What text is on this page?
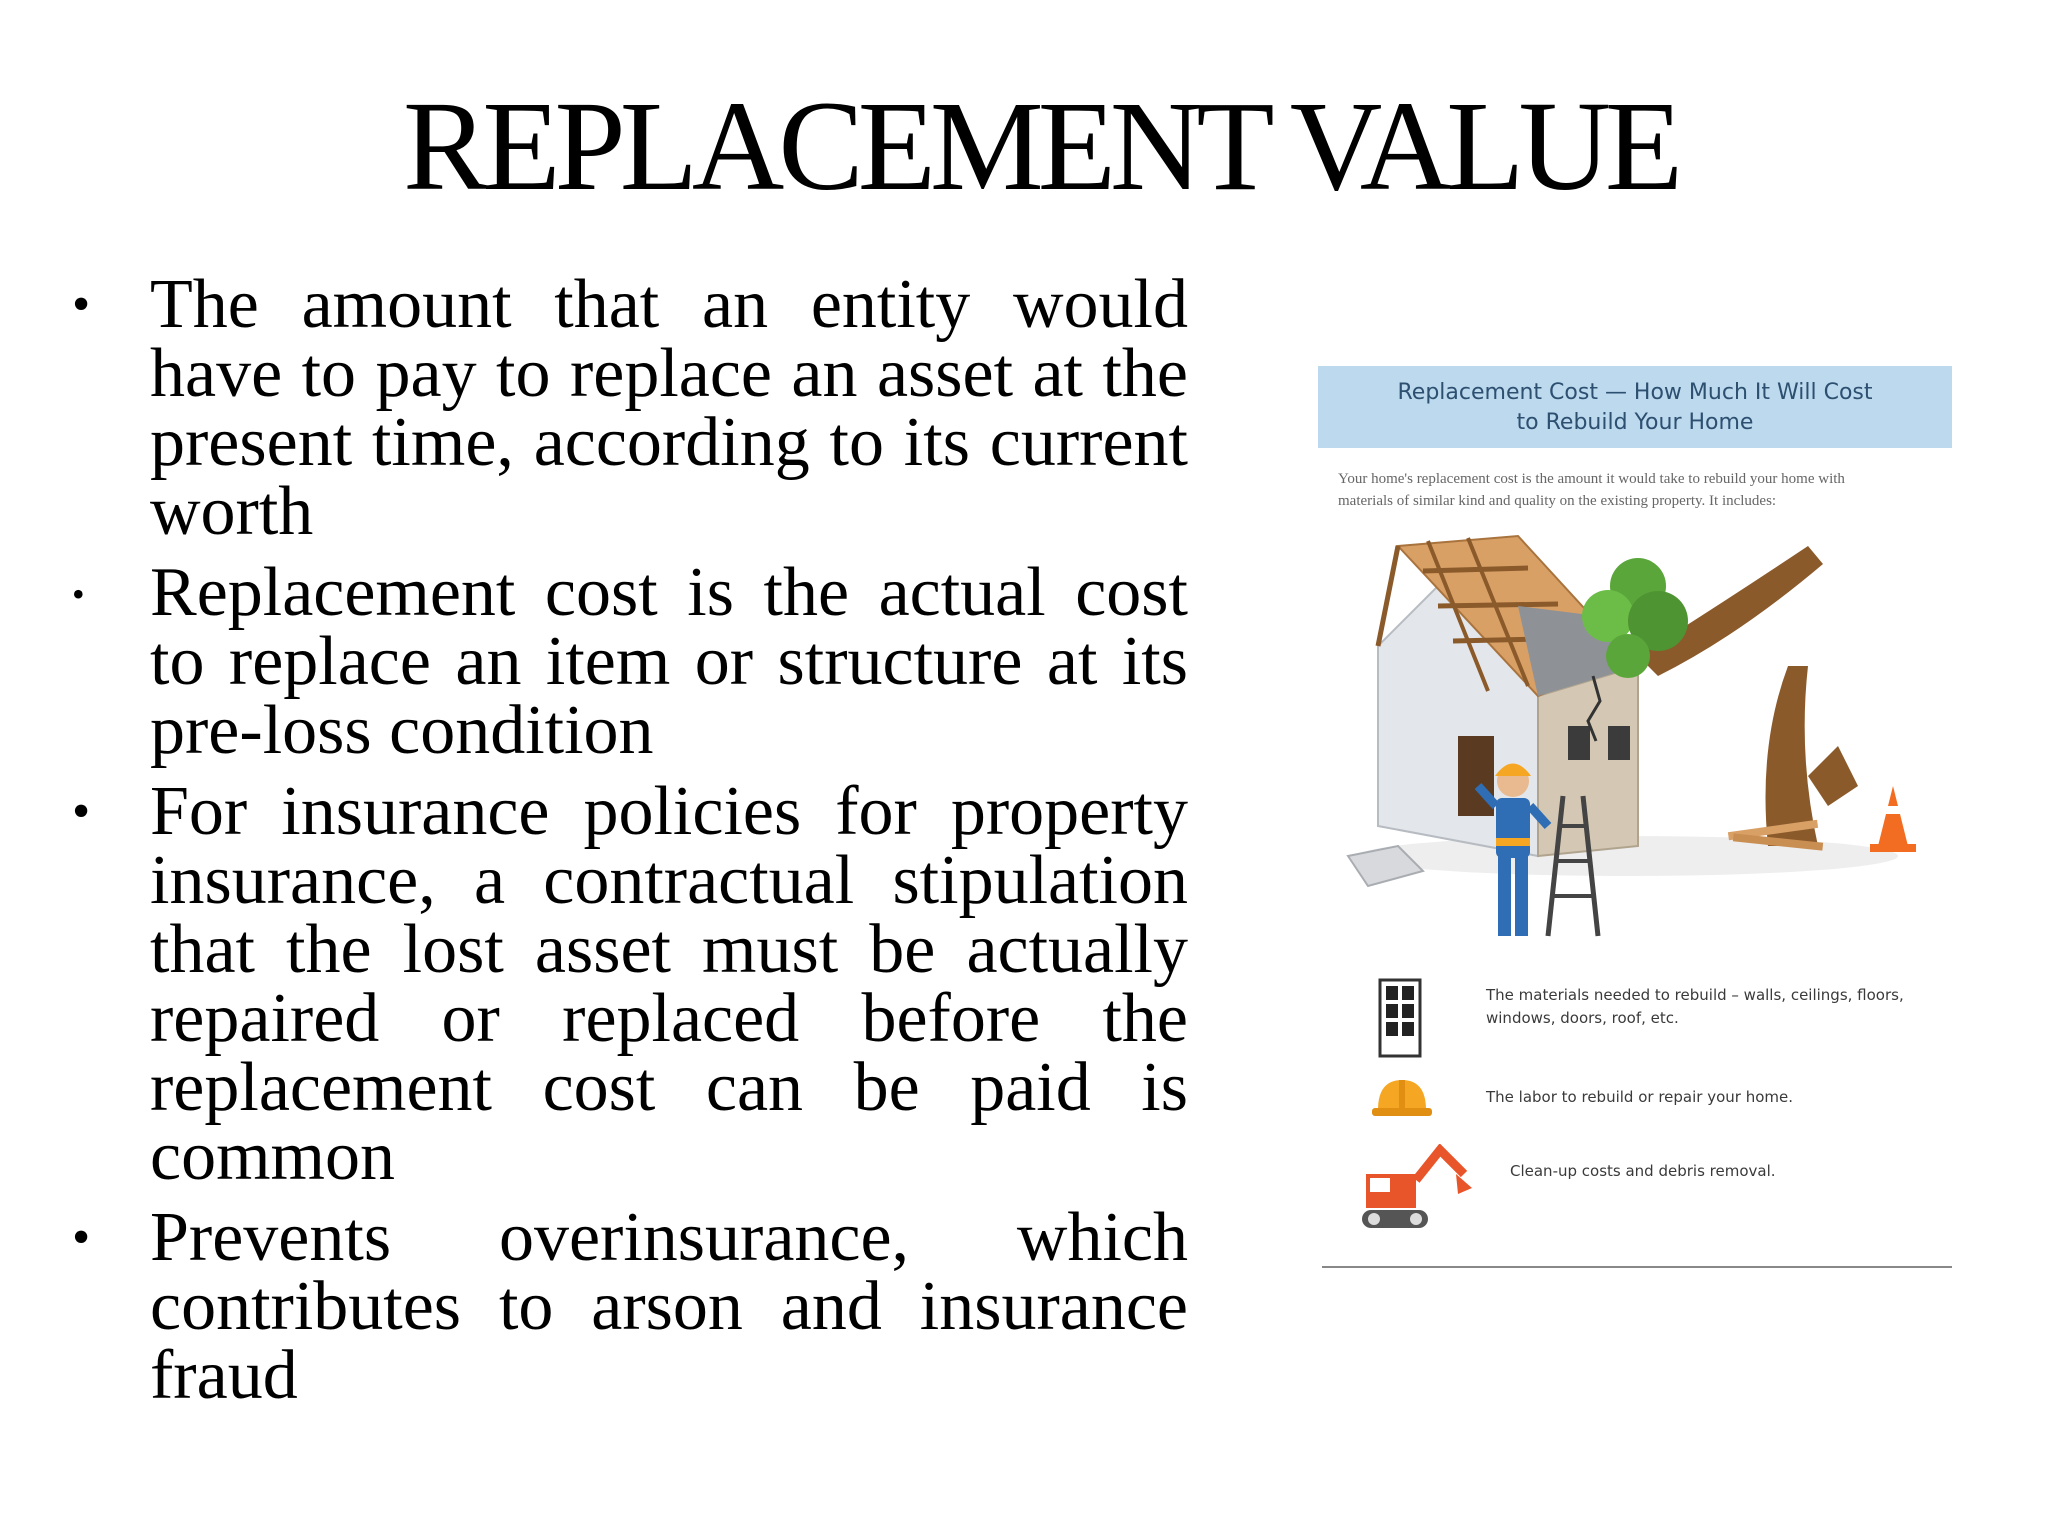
REPLACEMENT VALUE
• The amount that an entity would have to pay to replace an asset at the present time, according to its current worth
• Replacement cost is the actual cost to replace an item or structure at its pre-loss condition
• For insurance policies for property insurance, a contractual stipulation that the lost asset must be actually repaired or replaced before the replacement cost can be paid is common
• Prevents overinsurance, which contributes to arson and insurance fraud
Replacement Cost — How Much It Will Cost
to Rebuild Your Home
Your home's replacement cost is the amount it would take to rebuild your home with
materials of similar kind and quality on the existing property. It includes:
The materials needed to rebuild – walls, ceilings, floors, windows, doors, roof, etc.
The labor to rebuild or repair your home.
Clean-up costs and debris removal.
